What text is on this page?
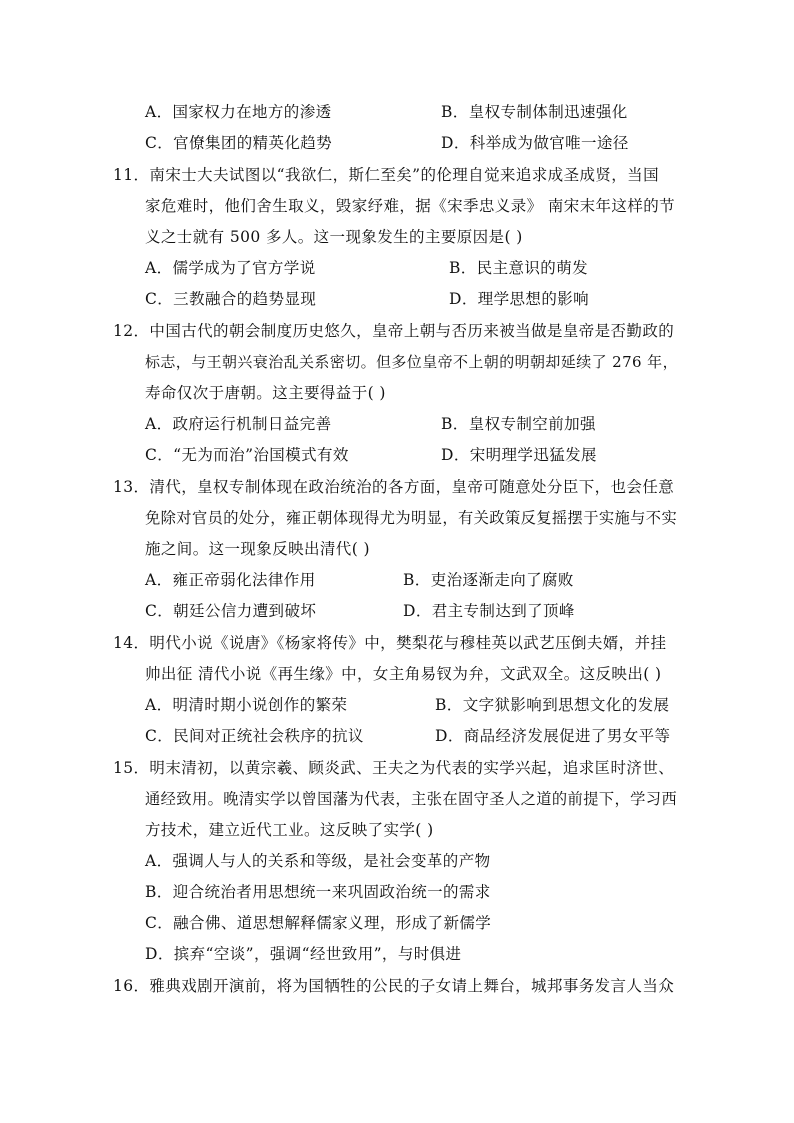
A．国家权力在地方的渗透	B．皇权专制体制迅速强化
C．官僚集团的精英化趋势	D．科举成为做官唯一途径
11．南宋士大夫试图以“我欲仁，斯仁至矣”的伦理自觉来追求成圣成贤，当国
家危难时，他们舍生取义，毁家纾难，据《宋季忠义录》 南宋末年这样的节
义之士就有 500 多人。这一现象发生的主要原因是( )
A．儒学成为了官方学说	B．民主意识的萌发
C．三教融合的趋势显现	D．理学思想的影响
12．中国古代的朝会制度历史悠久，皇帝上朝与否历来被当做是皇帝是否勤政的
标志，与王朝兴衰治乱关系密切。但多位皇帝不上朝的明朝却延续了 276 年，
寿命仅次于唐朝。这主要得益于( )
A．政府运行机制日益完善	B．皇权专制空前加强
C．“无为而治”治国模式有效	D．宋明理学迅猛发展
13．清代，皇权专制体现在政治统治的各方面，皇帝可随意处分臣下，也会任意
免除对官员的处分，雍正朝体现得尤为明显，有关政策反复摇摆于实施与不实
施之间。这一现象反映出清代( )
A．雍正帝弱化法律作用	B．吏治逐渐走向了腐败
C．朝廷公信力遭到破坏	D．君主专制达到了顶峰
14．明代小说《说唐》《杨家将传》中，樊梨花与穆桂英以武艺压倒夫婿，并挂
帅出征 清代小说《再生缘》中，女主角易钗为弁，文武双全。这反映出( )
A．明清时期小说创作的繁荣	B．文字狱影响到思想文化的发展
C．民间对正统社会秩序的抗议	D．商品经济发展促进了男女平等
15．明末清初，以黄宗羲、顾炎武、王夫之为代表的实学兴起，追求匡时济世、
通经致用。晚清实学以曾国藩为代表，主张在固守圣人之道的前提下，学习西
方技术，建立近代工业。这反映了实学( )
A．强调人与人的关系和等级，是社会变革的产物
B．迎合统治者用思想统一来巩固政治统一的需求
C．融合佛、道思想解释儒家义理，形成了新儒学
D．摈弃“空谈”，强调“经世致用”，与时俱进
16．雅典戏剧开演前，将为国牺牲的公民的子女请上舞台，城邦事务发言人当众
